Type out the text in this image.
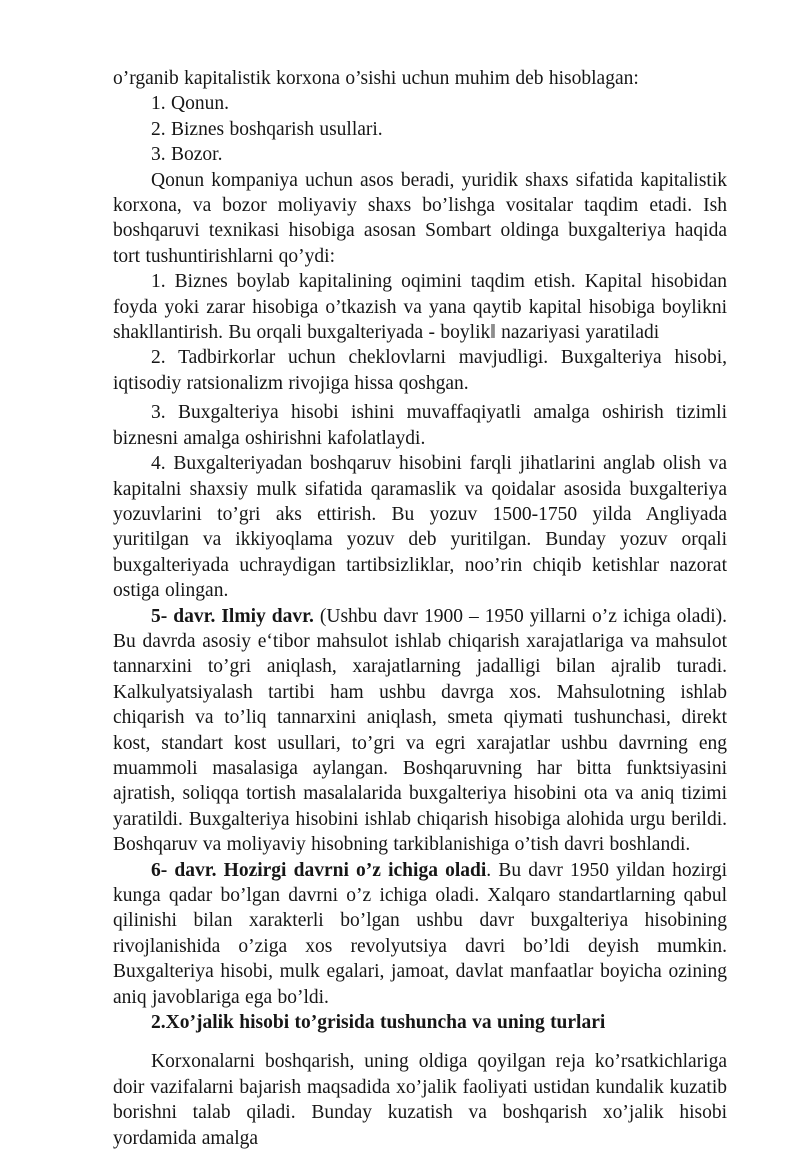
o’rganib kapitalistik korxona o’sishi uchun muhim deb hisoblagan:

1. Qonun.

2. Biznes boshqarish usullari.

3. Bozor.

Qonun kompaniya uchun asos beradi, yuridik shaxs sifatida kapitalistik korxona, va bozor moliyaviy shaxs bo’lishga vositalar taqdim etadi. Ish boshqaruvi texnikasi hisobiga asosan Sombart oldinga buxgalteriya haqida tort tushuntirishlarni qo’ydi:

1. Biznes boylab kapitalining oqimini taqdim etish. Kapital hisobidan foyda yoki zarar hisobiga o’tkazish va yana qaytib kapital hisobiga boylikni shakllantirish. Bu orqali buxgalteriyada - boylik‖ nazariyasi yaratiladi

2. Tadbirkorlar uchun cheklovlarni mavjudligi. Buxgalteriya hisobi, iqtisodiy ratsionalizm rivojiga hissa qoshgan.

3. Buxgalteriya hisobi ishini muvaffaqiyatli amalga oshirish tizimli biznesni amalga oshirishni kafolatlaydi.

4. Buxgalteriyadan boshqaruv hisobini farqli jihatlarini anglab olish va kapitalni shaxsiy mulk sifatida qaramaslik va qoidalar asosida buxgalteriya yozuvlarini to’gri aks ettirish. Bu yozuv 1500-1750 yilda Angliyada yuritilgan va ikkiyoqlama yozuv deb yuritilgan. Bunday yozuv orqali buxgalteriyada uchraydigan tartibsizliklar, noo’rin chiqib ketishlar nazorat ostiga olingan.

5- davr. Ilmiy davr. (Ushbu davr 1900 – 1950 yillarni o’z ichiga oladi). Bu davrda asosiy e‘tibor mahsulot ishlab chiqarish xarajatlariga va mahsulot tannarxini to’gri aniqlash, xarajatlarning jadalligi bilan ajralib turadi. Kalkulyatsiyalash tartibi ham ushbu davrga xos. Mahsulotning ishlab chiqarish va to’liq tannarxini aniqlash, smeta qiymati tushunchasi, direkt kost, standart kost usullari, to’gri va egri xarajatlar ushbu davrning eng muammoli masalasiga aylangan. Boshqaruvning har bitta funktsiyasini ajratish, soliqqa tortish masalalarida buxgalteriya hisobini ota va aniq tizimi yaratildi. Buxgalteriya hisobini ishlab chiqarish hisobiga alohida urgu berildi. Boshqaruv va moliyaviy hisobning tarkiblanishiga o’tish davri boshlandi.

6- davr. Hozirgi davrni o’z ichiga oladi. Bu davr 1950 yildan hozirgi kunga qadar bo’lgan davrni o’z ichiga oladi. Xalqaro standartlarning qabul qilinishi bilan xarakterli bo’lgan ushbu davr buxgalteriya hisobining rivojlanishida o’ziga xos revolyutsiya davri bo’ldi deyish mumkin. Buxgalteriya hisobi, mulk egalari, jamoat, davlat manfaatlar boyicha ozining aniq javoblariga ega bo’ldi.

2.Xo’jalik hisobi to’grisida tushuncha va uning turlari

Korxonalarni boshqarish, uning oldiga qoyilgan reja ko’rsatkichlariga doir vazifalarni bajarish maqsadida xo’jalik faoliyati ustidan kundalik kuzatib borishni talab qiladi. Bunday kuzatish va boshqarish xo’jalik hisobi yordamida amalga
